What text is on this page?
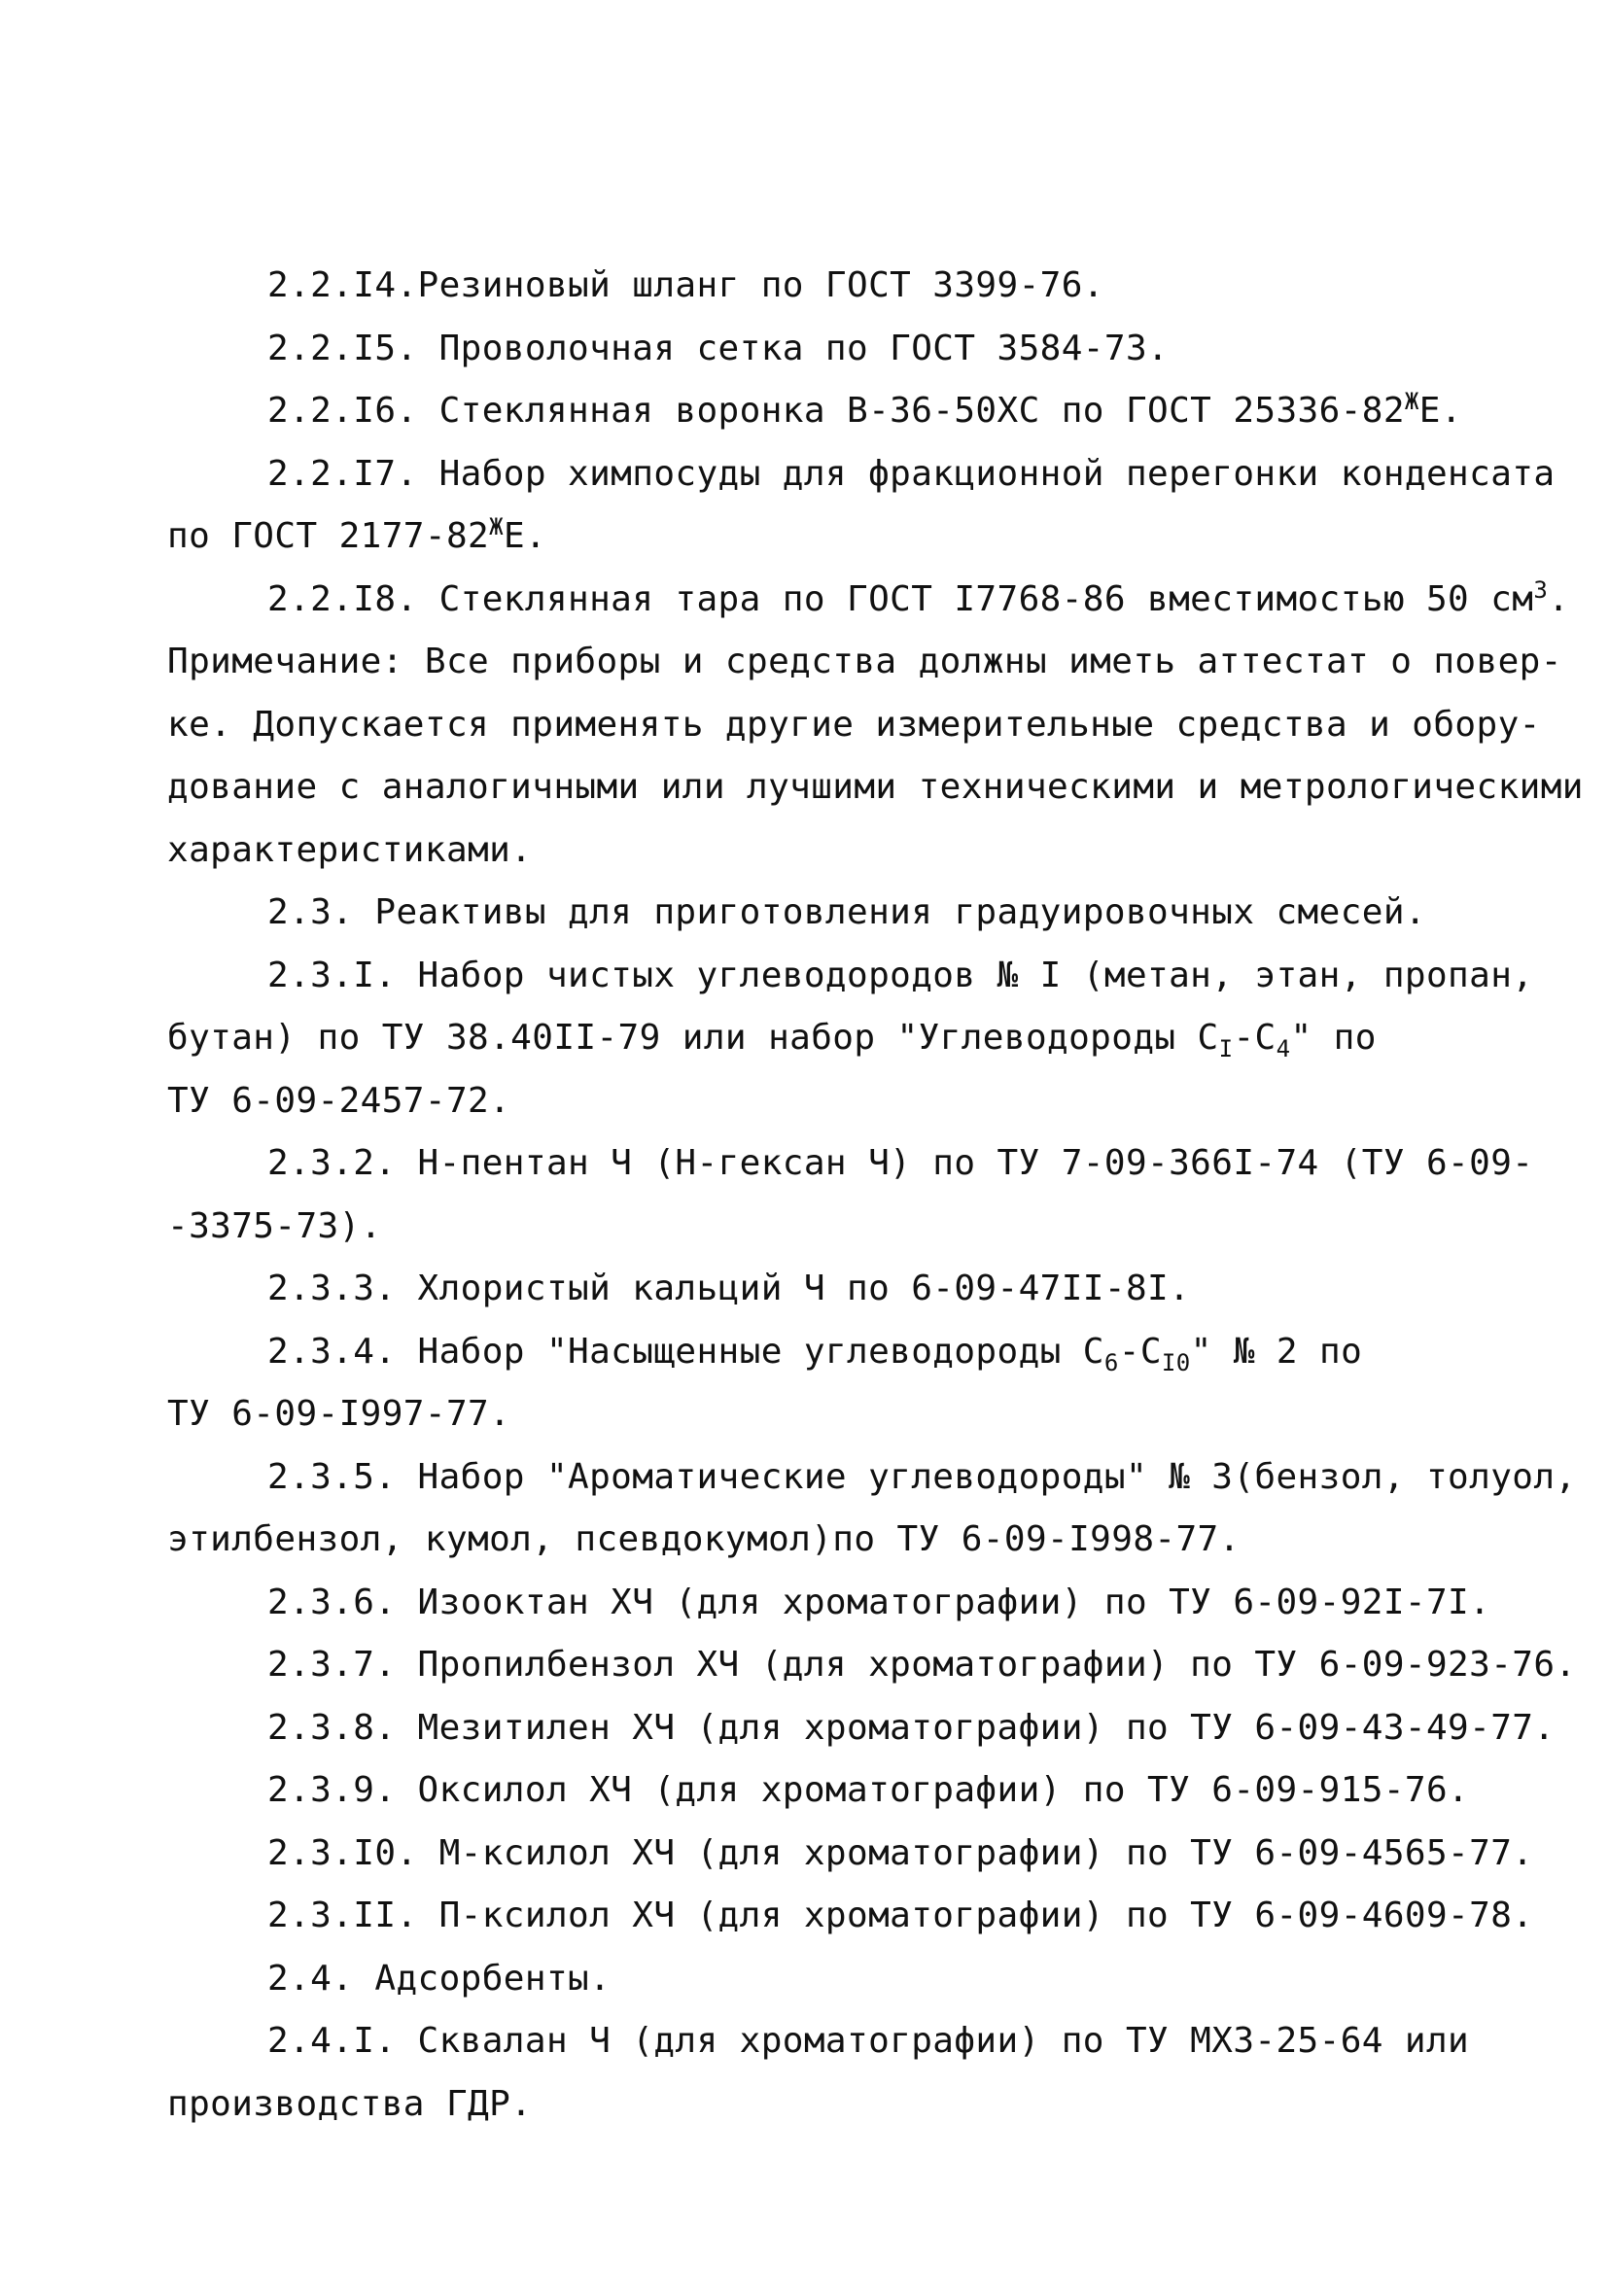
2.2.I4.Резиновый шланг по ГОСТ 3399-76.
2.2.I5. Проволочная сетка по ГОСТ 3584-73.
2.2.I6. Стеклянная воронка В-36-50ХС по ГОСТ $25336-82^ЖЕ$.
2.2.I7. Набор химпосуды для фракционной перегонки конденсата
по ГОСТ $2177-82^ЖЕ$.
2.2.I8. Стеклянная тара по ГОСТ I7768-86 вместимостью 50 $см^3$.
Примечание: Все приборы и средства должны иметь аттестат о повер-
ке. Допускается применять другие измерительные средства и обору-
дование с аналогичными или лучшими техническими и метрологическими
характеристиками.
2.3. Реактивы для приготовления градуировочных смесей.
2.3.I. Набор чистых углеводородов № I (метан, этан, пропан,
бутан) по ТУ 38.40II-79 или набор "Углеводороды $С_I-С_4$" по
ТУ 6-09-2457-72.
2.3.2. Н-пентан Ч (Н-гексан Ч) по ТУ 7-09-366I-74 (ТУ 6-09-
-3375-73).
2.3.3. Хлористый кальций Ч по 6-09-47II-8I.
2.3.4. Набор "Насыщенные углеводороды $С_6-С_{I0}$" № 2 по
ТУ 6-09-I997-77.
2.3.5. Набор "Ароматические углеводороды" № 3(бензол, толуол,
этилбензол, кумол, псевдокумол)по ТУ 6-09-I998-77.
2.3.6. Изооктан ХЧ (для хроматографии) по ТУ 6-09-92I-7I.
2.3.7. Пропилбензол ХЧ (для хроматографии) по ТУ 6-09-923-76.
2.3.8. Мезитилен ХЧ (для хроматографии) по ТУ 6-09-43-49-77.
2.3.9. Оксилол ХЧ (для хроматографии) по ТУ 6-09-915-76.
2.3.I0. М-ксилол ХЧ (для хроматографии) по ТУ 6-09-4565-77.
2.3.II. П-ксилол ХЧ (для хроматографии) по ТУ 6-09-4609-78.
2.4. Адсорбенты.
2.4.I. Сквалан Ч (для хроматографии) по ТУ МХЗ-25-64 или
производства ГДР.
